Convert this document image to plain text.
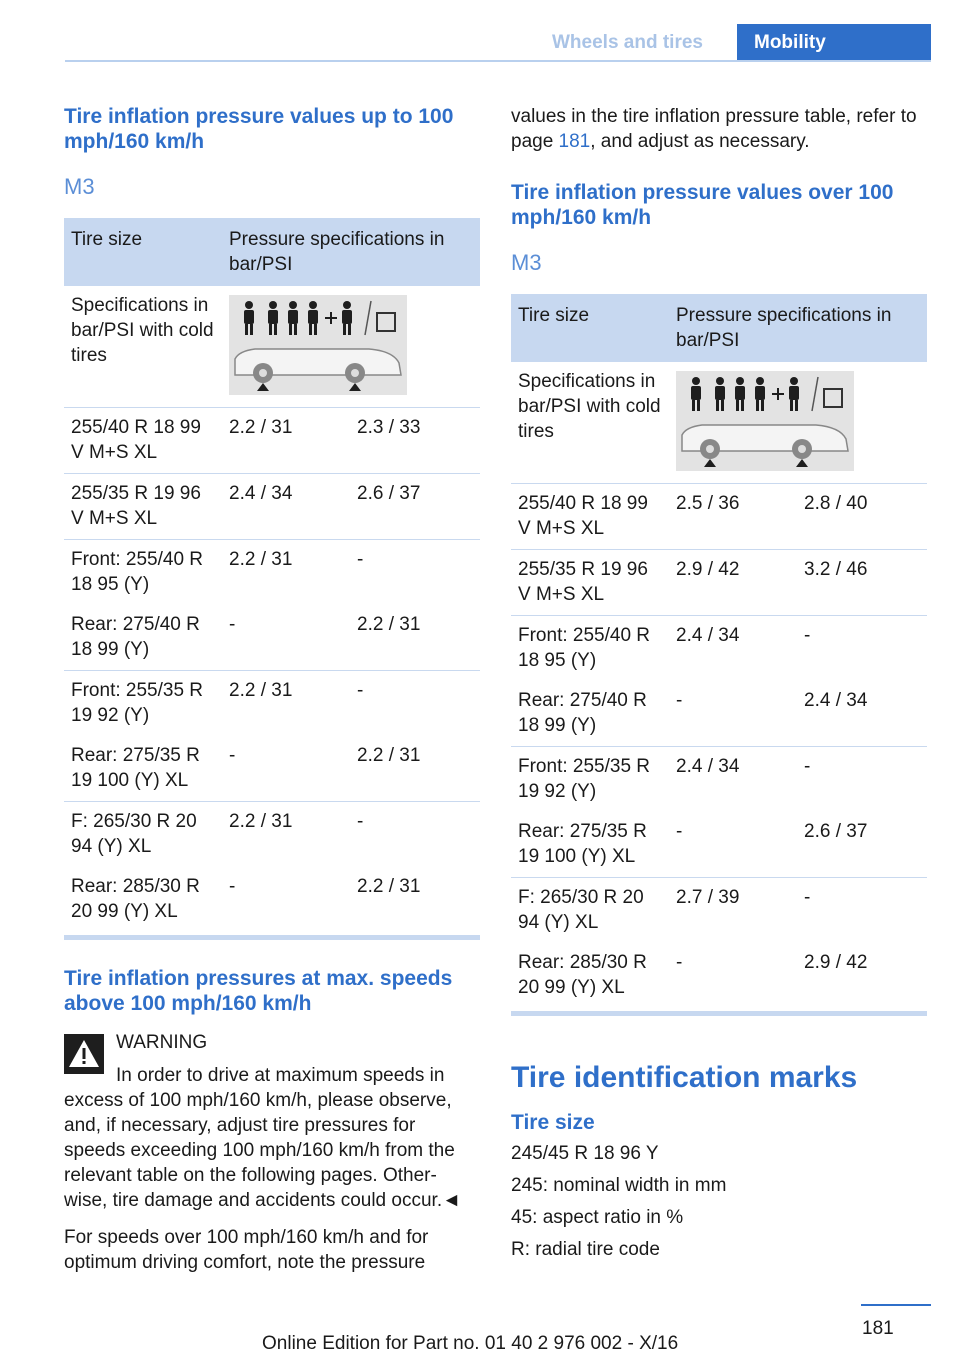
Wheels and tires	Mobility
Tire inflation pressure values up to 100 mph/160 km/h
M3
Tire size	Pressure specifications in bar/PSI	
Specifications in bar/PSI with cold tires	

255/40 R 18 99 V M+S XL	2.2 / 31	2.3 / 33
255/35 R 19 96 V M+S XL	2.4 / 34	2.6 / 37
Front: 255/40 R 18 95 (Y)	2.2 / 31	-
Rear: 275/40 R 18 99 (Y)	-	2.2 / 31
Front: 255/35 R 19 92 (Y)	2.2 / 31	-
Rear: 275/35 R 19 100 (Y) XL	-	2.2 / 31
F: 265/30 R 20 94 (Y) XL	2.2 / 31	-
Rear: 285/30 R 20 99 (Y) XL	-	2.2 / 31
Tire inflation pressures at max. speeds above 100 mph/160 km/h

WARNING

In order to drive at maximum speeds in

excess of 100 mph/160 km/h, please observe, and, if necessary, adjust tire pressures for speeds exceeding 100 mph/160 km/h from the relevant table on the following pages. Other-wise, tire damage and accidents could occur.◄

For speeds over 100 mph/160 km/h and for optimum driving comfort, note the pressure

values in the tire inflation pressure table, refer to page 181, and adjust as necessary.

Tire inflation pressure values over 100 mph/160 km/h
M3
Tire size	Pressure specifications in bar/PSI	
Specifications in bar/PSI with cold tires	

255/40 R 18 99 V M+S XL	2.5 / 36	2.8 / 40
255/35 R 19 96 V M+S XL	2.9 / 42	3.2 / 46
Front: 255/40 R 18 95 (Y)	2.4 / 34	-
Rear: 275/40 R 18 99 (Y)	-	2.4 / 34
Front: 255/35 R 19 92 (Y)	2.4 / 34	-
Rear: 275/35 R 19 100 (Y) XL	-	2.6 / 37
F: 265/30 R 20 94 (Y) XL	2.7 / 39	-
Rear: 285/30 R 20 99 (Y) XL	-	2.9 / 42
Tire identification marks
Tire size

245/45 R 18 96 Y

245: nominal width in mm

45: aspect ratio in %

R: radial tire code

181
Online Edition for Part no. 01 40 2 976 002 - X/16
